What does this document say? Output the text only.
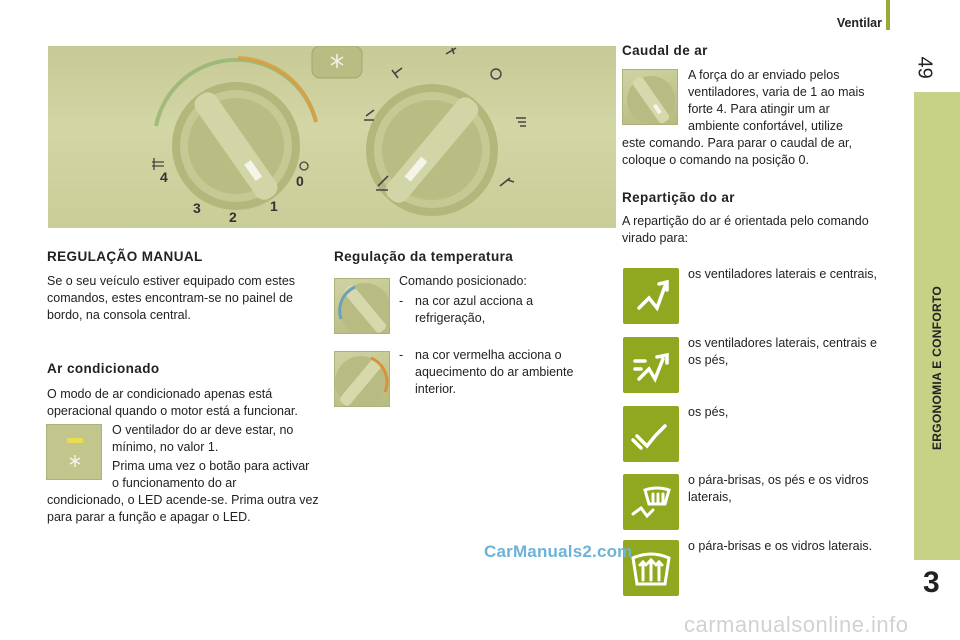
Ventilar
49
ERGONOMIA E CONFORTO
3
4
3
2
1
0
REGULAÇÃO MANUAL
Se o seu veículo estiver equipado com estes comandos, estes encontram-se no painel de bordo, na consola central.
Ar condicionado
O modo de ar condicionado apenas está operacional quando o motor está a funcionar.
O ventilador do ar deve estar, no mínimo, no valor 1.
Prima uma vez o botão para activar o funcionamento do ar
condicionado, o LED acende-se. Prima outra vez para parar a função e apagar o LED.
Regulação da temperatura
Comando posicionado:
- na cor azul acciona a refrigeração,
- na cor vermelha acciona o aquecimento do ar ambiente interior.
Caudal de ar
A força do ar enviado pelos ventiladores, varia de 1 ao mais forte 4. Para atingir um ar ambiente confortável, utilize
este comando. Para parar o caudal de ar, coloque o comando na posição 0.
Repartição do ar
A repartição do ar é orientada pelo comando virado para:
os ventiladores laterais e centrais,
os ventiladores laterais, centrais e os pés,
os pés,
o pára-brisas, os pés e os vidros laterais,
o pára-brisas e os vidros laterais.
CarManuals2.com
carmanualsonline.info
